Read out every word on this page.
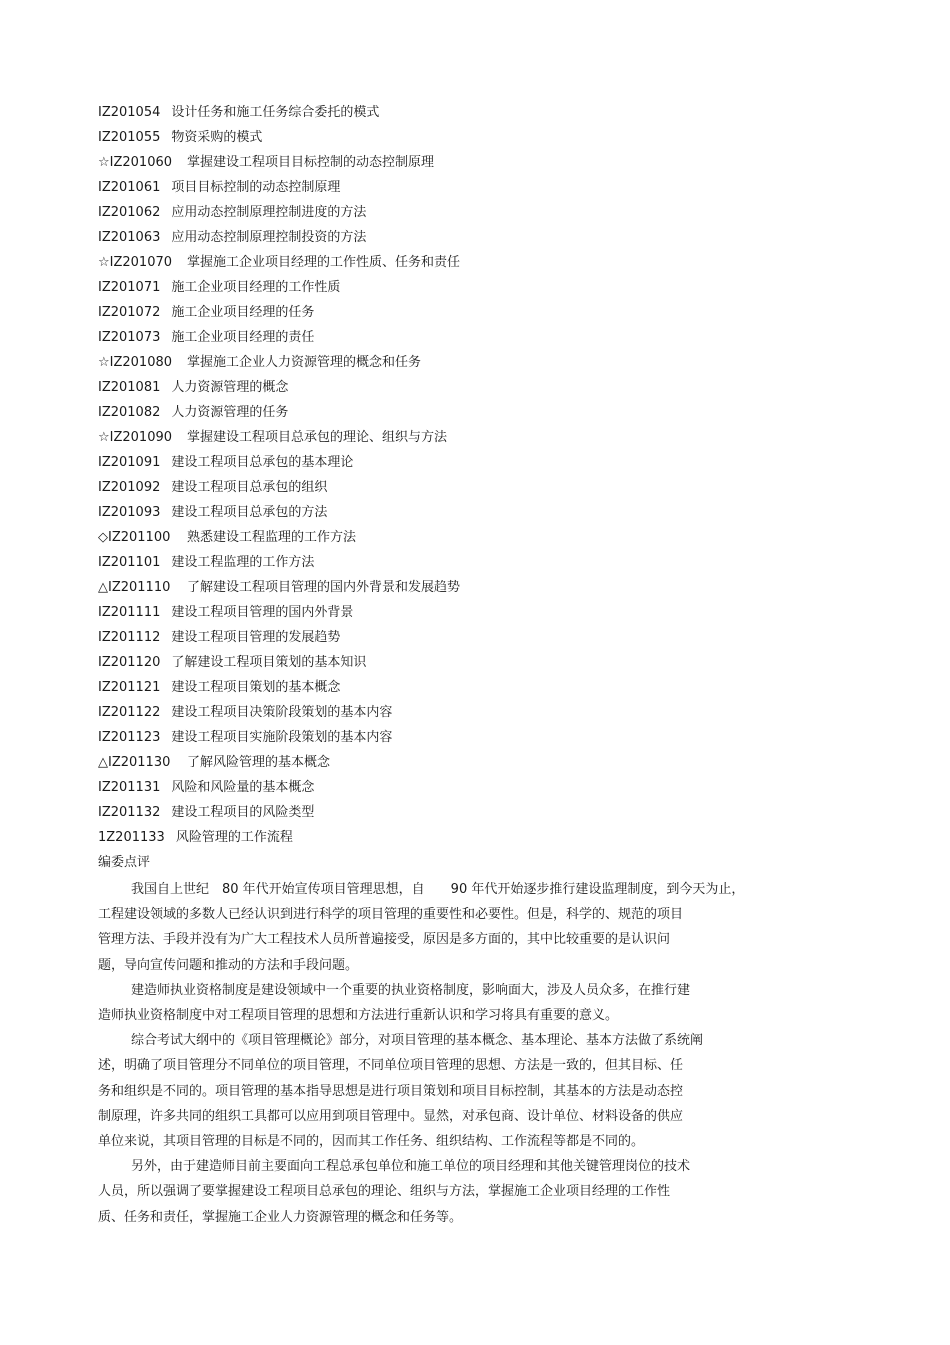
IZ201054 设计任务和施工任务综合委托的模式
IZ201055 物资采购的模式
☆IZ201060 掌握建设工程项目目标控制的动态控制原理
IZ201061 项目目标控制的动态控制原理
IZ201062 应用动态控制原理控制进度的方法
IZ201063 应用动态控制原理控制投资的方法
☆IZ201070 掌握施工企业项目经理的工作性质、任务和责任
IZ201071 施工企业项目经理的工作性质
IZ201072 施工企业项目经理的任务
IZ201073 施工企业项目经理的责任
☆IZ201080 掌握施工企业人力资源管理的概念和任务
IZ201081 人力资源管理的概念
IZ201082 人力资源管理的任务
☆IZ201090 掌握建设工程项目总承包的理论、组织与方法
IZ201091 建设工程项目总承包的基本理论
IZ201092 建设工程项目总承包的组织
IZ201093 建设工程项目总承包的方法
◇IZ201100 熟悉建设工程监理的工作方法
IZ201101 建设工程监理的工作方法
△IZ201110 了解建设工程项目管理的国内外背景和发展趋势
IZ201111 建设工程项目管理的国内外背景
IZ201112 建设工程项目管理的发展趋势
IZ201120 了解建设工程项目策划的基本知识
IZ201121 建设工程项目策划的基本概念
IZ201122 建设工程项目决策阶段策划的基本内容
IZ201123 建设工程项目实施阶段策划的基本内容
△IZ201130 了解风险管理的基本概念
IZ201131 风险和风险量的基本概念
IZ201132 建设工程项目的风险类型
1Z201133 风险管理的工作流程
编委点评

我国自上世纪　80 年代开始宣传项目管理思想，自　　90 年代开始逐步推行建设监理制度，到今天为止，
工程建设领域的多数人已经认识到进行科学的项目管理的重要性和必要性。但是，科学的、规范的项目
管理方法、手段并没有为广大工程技术人员所普遍接受，原因是多方面的，其中比较重要的是认识问
题，导向宣传问题和推动的方法和手段问题。

建造师执业资格制度是建设领域中一个重要的执业资格制度，影响面大，涉及人员众多，在推行建
造师执业资格制度中对工程项目管理的思想和方法进行重新认识和学习将具有重要的意义。

综合考试大纲中的《项目管理概论》部分，对项目管理的基本概念、基本理论、基本方法做了系统阐
述，明确了项目管理分不同单位的项目管理，不同单位项目管理的思想、方法是一致的，但其目标、任
务和组织是不同的。项目管理的基本指导思想是进行项目策划和项目目标控制，其基本的方法是动态控
制原理，许多共同的组织工具都可以应用到项目管理中。显然，对承包商、设计单位、材料设备的供应
单位来说，其项目管理的目标是不同的，因而其工作任务、组织结构、工作流程等都是不同的。

另外，由于建造师目前主要面向工程总承包单位和施工单位的项目经理和其他关键管理岗位的技术
人员，所以强调了要掌握建设工程项目总承包的理论、组织与方法，掌握施工企业项目经理的工作性
质、任务和责任，掌握施工企业人力资源管理的概念和任务等。
